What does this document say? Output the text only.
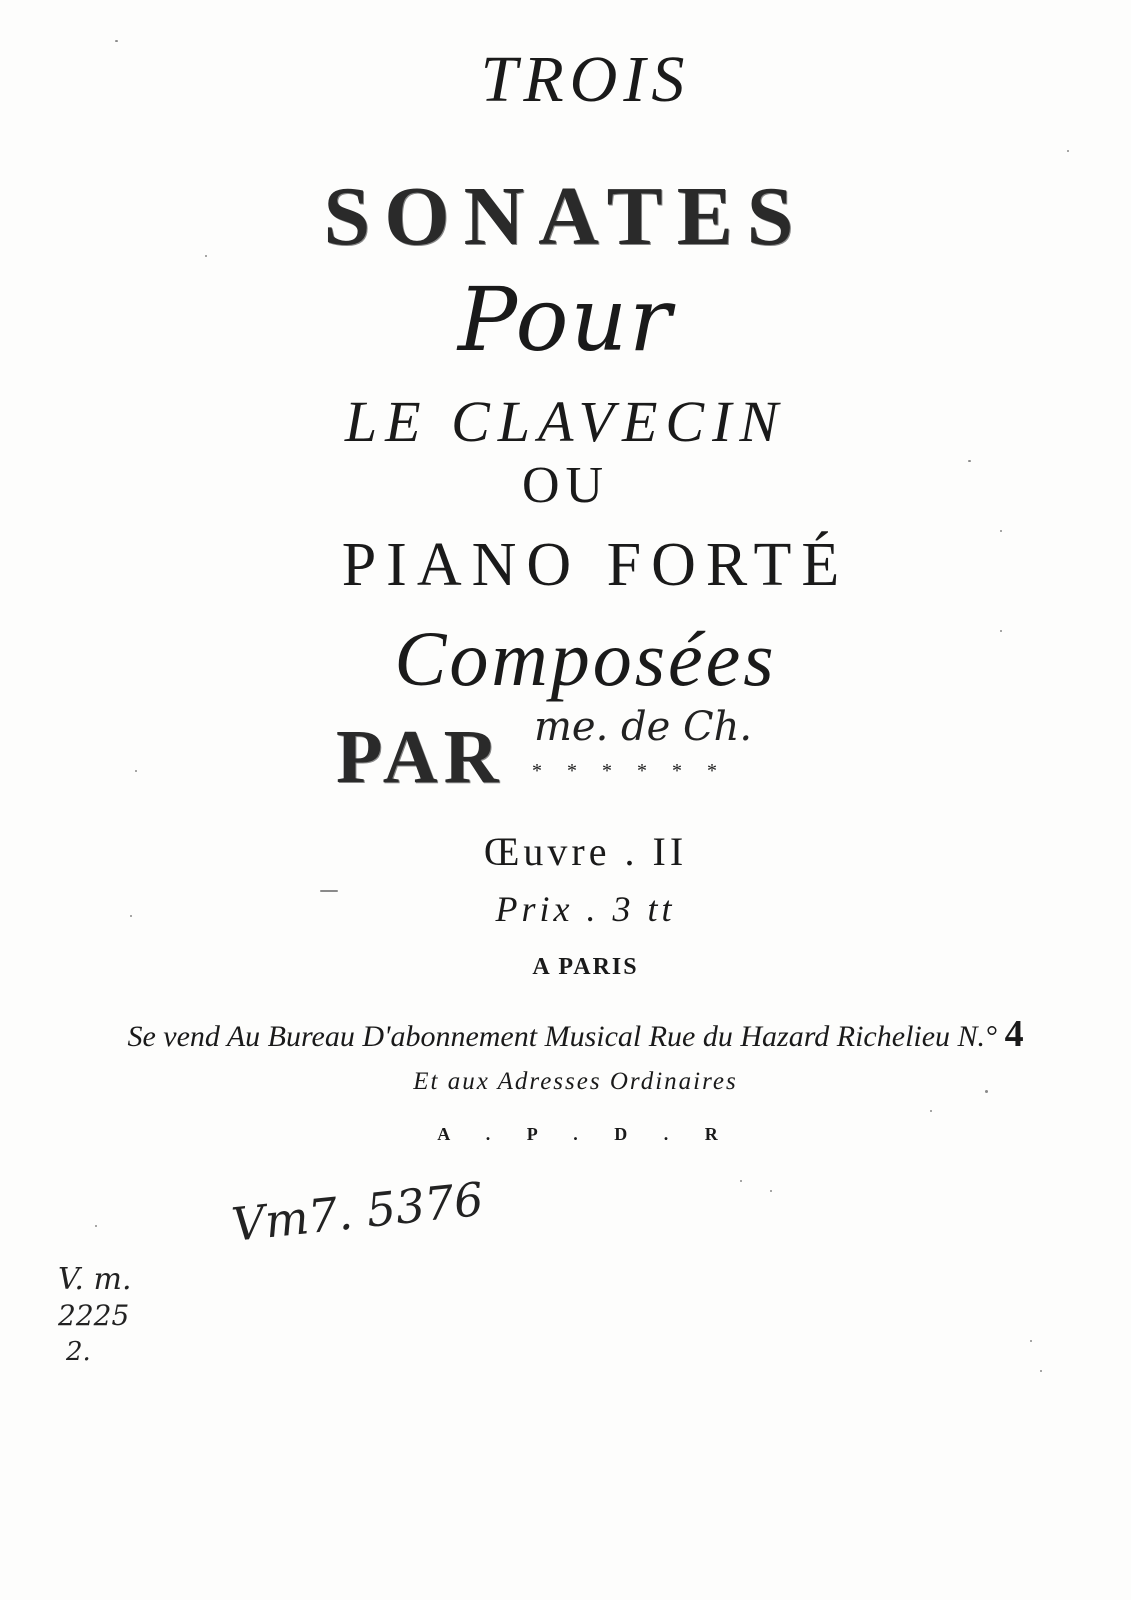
TROIS
SONATES
Pour
LE CLAVECIN
OU
PIANO FORTÉ
Composées
PAR me. de Ch.
* * * * * *
Œuvre . II
Prix . 3 tt
A PARIS
Se vend Au Bureau D'abonnement Musical Rue du Hazard Richelieu N.° 4
Et aux Adresses Ordinaires
A . P . D . R
Vm7. 5376
V. m.
2225
2.
